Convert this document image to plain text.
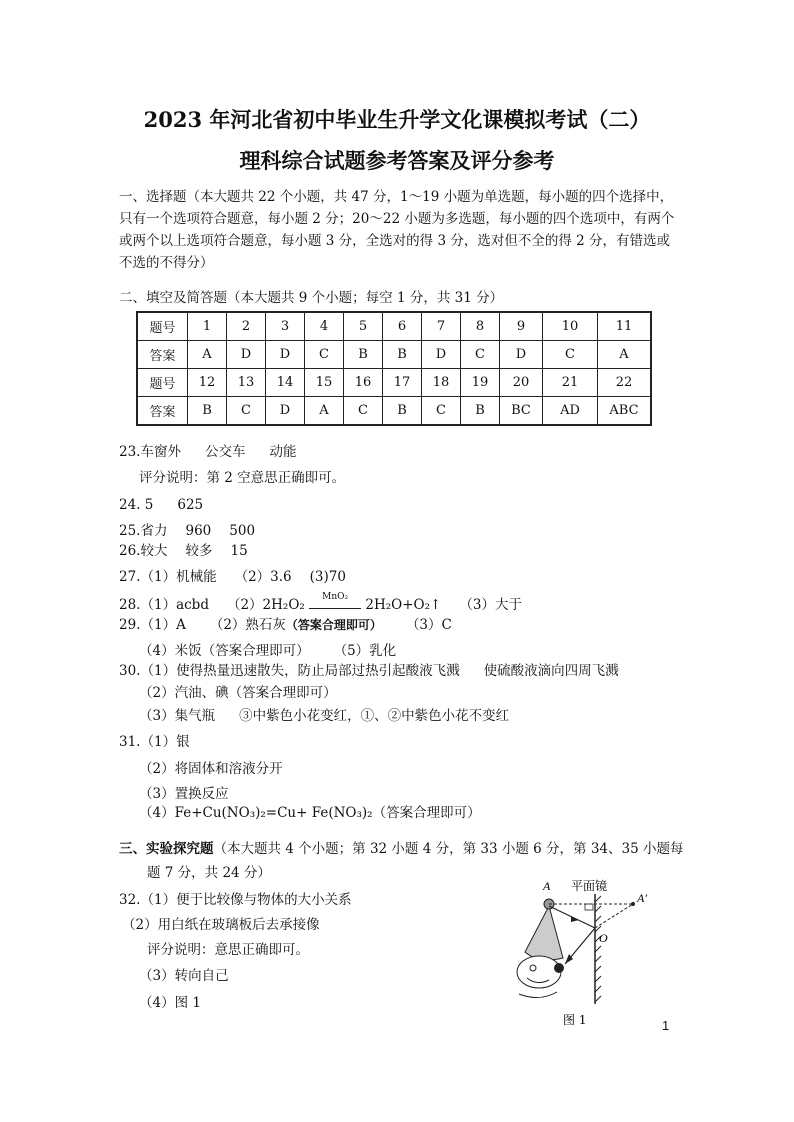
2023 年河北省初中毕业生升学文化课模拟考试（二）
理科综合试题参考答案及评分参考
一、选择题（本大题共 22 个小题，共 47 分，1～19 小题为单选题，每小题的四个选择中，只有一个选项符合题意，每小题 2 分；20～22 小题为多选题，每小题的四个选项中，有两个或两个以上选项符合题意，每小题 3 分，全选对的得 3 分，选对但不全的得 2 分，有错选或不选的不得分）
二、填空及简答题（本大题共 9 个小题；每空 1 分，共 31 分）
题号	1	2	3	4	5	6	7	8	9	10	11
答案	A	D	D	C	B	B	D	C	D	C	A
题号	12	13	14	15	16	17	18	19	20	21	22
答案	B	C	D	A	C	B	C	B	BC	AD	ABC
23.车窗外 公交车 动能
评分说明：第 2 空意思正确即可。
24. 5 625
25.省力 960 500
26.较大 较多 15
27.（1）机械能 （2）3.6 (3)70
28.（1）acbd （2）2H₂O₂	MnO₂	2H₂O+O₂↑ （3）大于
29.（1）A （2）熟石灰（答案合理即可） （3）C
（4）米饭（答案合理即可） （5）乳化
30.（1）使得热量迅速散失，防止局部过热引起酸液飞溅 使硫酸液滴向四周飞溅
（2）汽油、碘（答案合理即可）
（3）集气瓶 ③中紫色小花变红，①、②中紫色小花不变红
31.（1）银
（2）将固体和溶液分开
（3）置换反应
（4）Fe+Cu(NO₃)₂=Cu+ Fe(NO₃)₂（答案合理即可）
三、实验探究题（本大题共 4 个小题；第 32 小题 4 分，第 33 小题 6 分，第 34、35 小题每
题 7 分，共 24 分）
32.（1）便于比较像与物体的大小关系
（2）用白纸在玻璃板后去承接像
评分说明：意思正确即可。
（3）转向自己
（4）图 1
A 平面镜
A′
O
图 1	1
